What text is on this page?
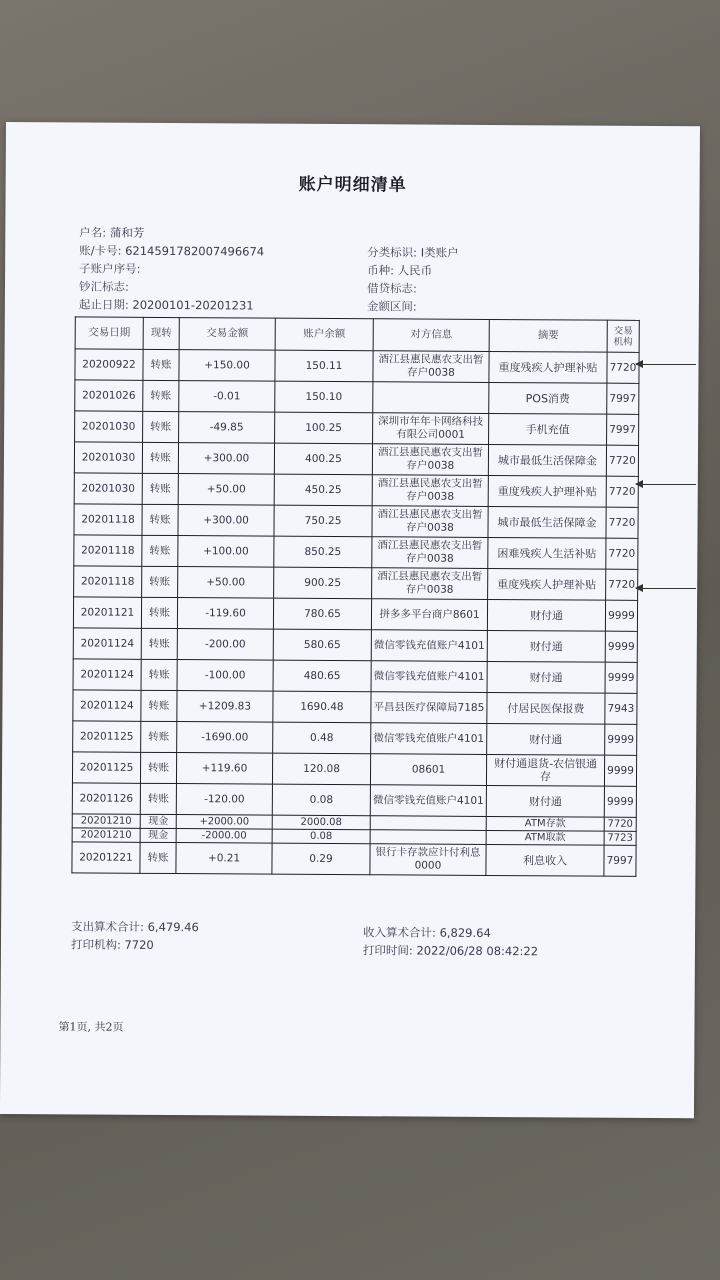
账户明细清单
户名: 蒲和芳
账/卡号: 6214591782007496674
子账户序号:
钞汇标志:
起止日期: 20200101-20201231
分类标识: I类账户
币种: 人民币
借贷标志:
金额区间:
交易日期	现转	交易金额	账户余额	对方信息	摘要	交易机构
20200922	转账	+150.00	150.11	酒江县惠民惠农支出暂存户0038	重度残疾人护理补贴	7720
20201026	转账	-0.01	150.10		POS消费	7997
20201030	转账	-49.85	100.25	深圳市年年卡网络科技有限公司0001	手机充值	7997
20201030	转账	+300.00	400.25	酒江县惠民惠农支出暂存户0038	城市最低生活保障金	7720
20201030	转账	+50.00	450.25	酒江县惠民惠农支出暂存户0038	重度残疾人护理补贴	7720
20201118	转账	+300.00	750.25	酒江县惠民惠农支出暂存户0038	城市最低生活保障金	7720
20201118	转账	+100.00	850.25	酒江县惠民惠农支出暂存户0038	困难残疾人生活补贴	7720
20201118	转账	+50.00	900.25	酒江县惠民惠农支出暂存户0038	重度残疾人护理补贴	7720
20201121	转账	-119.60	780.65	拼多多平台商户8601	财付通	9999
20201124	转账	-200.00	580.65	微信零钱充值账户4101	财付通	9999
20201124	转账	-100.00	480.65	微信零钱充值账户4101	财付通	9999
20201124	转账	+1209.83	1690.48	平昌县医疗保障局7185	付居民医保报费	7943
20201125	转账	-1690.00	0.48	微信零钱充值账户4101	财付通	9999
20201125	转账	+119.60	120.08	08601	财付通退货-农信银通存	9999
20201126	转账	-120.00	0.08	微信零钱充值账户4101	财付通	9999
20201210	现金	+2000.00	2000.08		ATM存款	7720
20201210	现金	-2000.00	0.08		ATM取款	7723
20201221	转账	+0.21	0.29	银行卡存款应计付利息0000	利息收入	7997
支出算术合计: 6,479.46	收入算术合计: 6,829.64
打印机构: 7720	打印时间: 2022/06/28 08:42:22
第1页, 共2页
